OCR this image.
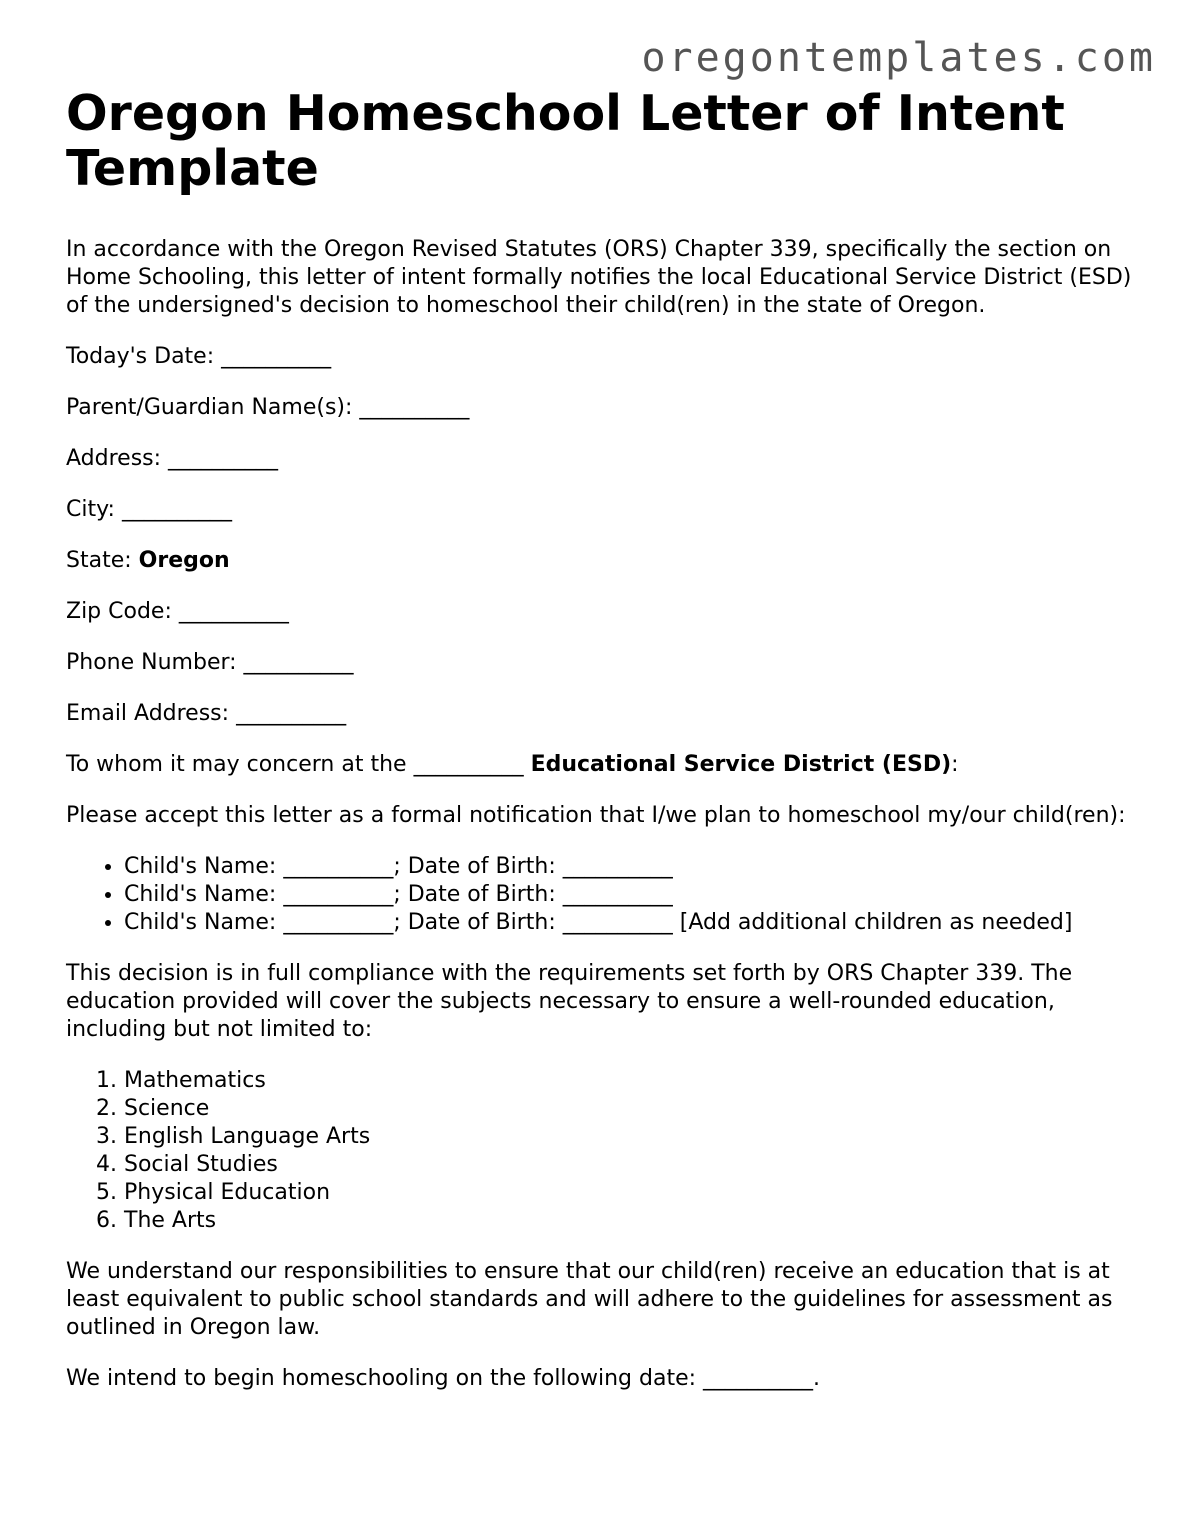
oregontemplates.com
Oregon Homeschool Letter of Intent Template

In accordance with the Oregon Revised Statutes (ORS) Chapter 339, specifically the section on Home Schooling, this letter of intent formally notifies the local Educational Service District (ESD) of the undersigned's decision to homeschool their child(ren) in the state of Oregon.

Today's Date: __________

Parent/Guardian Name(s): __________

Address: __________

City: __________

State: Oregon

Zip Code: __________

Phone Number: __________

Email Address: __________

To whom it may concern at the __________ Educational Service District (ESD):

Please accept this letter as a formal notification that I/we plan to homeschool my/our child(ren):

• Child's Name: __________; Date of Birth: __________
• Child's Name: __________; Date of Birth: __________
• Child's Name: __________; Date of Birth: __________ [Add additional children as needed]

This decision is in full compliance with the requirements set forth by ORS Chapter 339. The education provided will cover the subjects necessary to ensure a well-rounded education, including but not limited to:

1. Mathematics
2. Science
3. English Language Arts
4. Social Studies
5. Physical Education
6. The Arts

We understand our responsibilities to ensure that our child(ren) receive an education that is at least equivalent to public school standards and will adhere to the guidelines for assessment as outlined in Oregon law.

We intend to begin homeschooling on the following date: __________.
